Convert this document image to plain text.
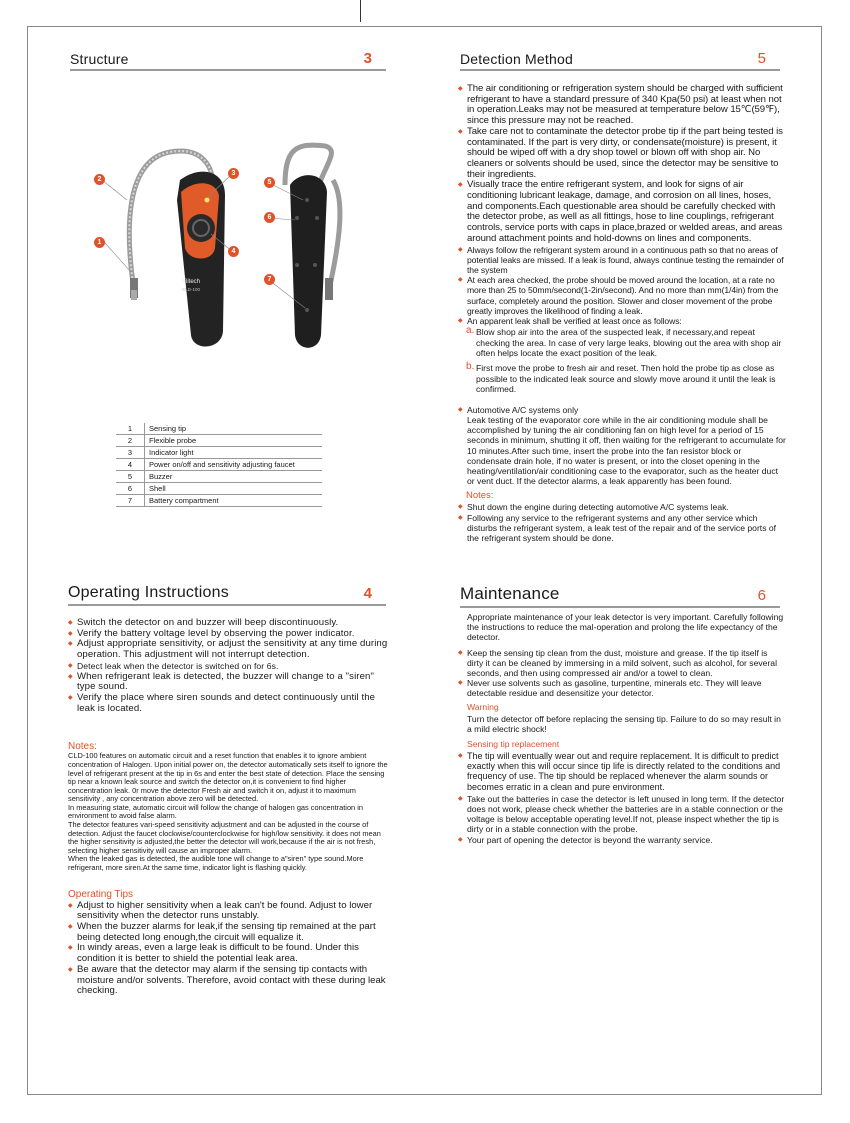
Structure	3
Elitech
CLD-100
1
2
3
4
5
6
7
1	Sensing tip
2	Flexible probe
3	Indicator light
4	Power on/off and sensitivity adjusting faucet
5	Buzzer
6	Shell
7	Battery compartment
Detection Method	5
◆ The air conditioning or refrigeration system should be charged with sufficient refrigerant to have a standard pressure of 340 Kpa(50 psi) at least when not in operation.Leaks may not be measured at temperature below 15℃(59℉), since this pressure may not be reached.
◆ Take care not to contaminate the detector probe tip if the part being tested is contaminated. If the part is very dirty, or condensate(moisture) is present, it should be wiped off with a dry shop towel or blown off with shop air. No cleaners or solvents should be used, since the detector may be sensitive to their ingredients.
◆ Visually trace the entire refrigerant system, and look for signs of air conditioning lubricant leakage, damage, and corrosion on all lines, hoses, and components.Each questionable area should be carefully checked with the detector probe, as well as all fittings, hose to line couplings, refrigerant controls, service ports with caps in place,brazed or welded areas, and areas around attachment points and hold-downs on lines and components.
◆ Always follow the refrigerant system around in a continuous path so that no areas of potential leaks are missed. If a leak is found, always continue testing the remainder of the system
◆ At each area checked, the probe should be moved around the location, at a rate no more than 25 to 50mm/second(1-2in/second). And no more than mm(1/4in) from the surface, completely around the position. Slower and closer movement of the probe greatly improves the likelihood of finding a leak.
◆ An apparent leak shall be verified at least once as follows:
a. Blow shop air into the area of the suspected leak, if necessary,and repeat checking the area. In case of very large leaks, blowing out the area with shop air often helps locate the exact position of the leak.
b. First move the probe to fresh air and reset. Then hold the probe tip as close as possible to the indicated leak source and slowly move around it until the leak is confirmed.
◆ Automotive A/C systems only
Leak testing of the evaporator core while in the air conditioning module shall be accomplished by tuning the air conditioning fan on high level for a period of 15 seconds in minimum, shutting it off, then waiting for the refrigerant to accumulate for 10 minutes.After such time, insert the probe into the fan resistor block or condensate drain hole, if no water is present, or into the closet opening in the heating/ventilation/air conditioning case to the evaporator, such as the heater duct or vent duct. If the detector alarms, a leak apparently has been found.
Notes:
◆ Shut down the engine during detecting automotive A/C systems leak.
◆ Following any service to the refrigerant systems and any other service which disturbs the refrigerant system, a leak test of the repair and of the service ports of the refrigerant system should be done.
Operating Instructions	4
◆ Switch the detector on and buzzer will beep discontinuously.
◆ Verify the battery voltage level by observing the power indicator.
◆ Adjust appropriate sensitivity, or adjust the sensitivity at any time during operation. This adjustment will not interrupt detection.
◆ Detect leak when the detector is switched on for 6s.
◆ When refrigerant leak is detected, the buzzer will change to a "siren" type sound.
◆ Verify the place where siren sounds and detect continuously until the leak is located.
Notes:

CLD-100 features on automatic circuit and a reset function that enables it to ignore ambient concentration of Halogen. Upon initial power on, the detector automatically sets itself to ignore the level of refrigerant present at the tip in 6s and enter the best state of detection. Place the sensing tip near a known leak source and switch the detector on,it is convenient to find higher concentration leak. 0r move the detector Fresh air and switch it on, adjust it to maximum sensitivity , any concentration above zero will be detected.

In measuring state, automatic circuit will follow the change of halogen gas concentration in environment to avoid false alarm.

The detector features vari-speed sensitivity adjustment and can be adjusted in the course of detection. Adjust the faucet clockwise/counterclockwise for high/low sensitivity. it does not mean the higher sensitivity is adjusted,the better the detector will work,because if the air is not fresh, selecting higher sensitivity will cause an improper alarm.

When the leaked gas is detected, the audible tone will change to a"siren" type sound.More refrigerant, more siren.At the same time, indicator light is flashing quickly.

Operating Tips
◆ Adjust to higher sensitivity when a leak can't be found. Adjust to lower sensitivity when the detector runs unstably.
◆ When the buzzer alarms for leak,if the sensing tip remained at the part being detected long enough,the circuit will equalize it.
◆ In windy areas, even a large leak is difficult to be found. Under this condition it is better to shield the potential leak area.
◆ Be aware that the detector may alarm if the sensing tip contacts with moisture and/or solvents. Therefore, avoid contact with these during leak checking.
Maintenance	6
Appropriate maintenance of your leak detector is very important. Carefully following the instructions to reduce the mal-operation and prolong the life expectancy of the detector.
◆ Keep the sensing tip clean from the dust, moisture and grease. If the tip itself is dirty it can be cleaned by immersing in a mild solvent, such as alcohol, for several seconds, and then using compressed air and/or a towel to clean.
◆ Never use solvents such as gasoline, turpentine, minerals etc. They will leave detectable residue and desensitize your detector.
Warning
Turn the detector off before replacing the sensing tip. Failure to do so may result in a mild electric shock!
Sensing tip replacement
◆ The tip will eventually wear out and require replacement. It is difficult to predict exactly when this will occur since tip life is directly related to the conditions and frequency of use. The tip should be replaced whenever the alarm sounds or becomes erratic in a clean and pure environment.
◆ Take out the batteries in case the detector is left unused in long term. If the detector does not work, please check whether the batteries are in a stable connection or the voltage is below acceptable operating level.If not, please inspect whether the tip is dirty or in a stable connection with the probe.
◆ Your part of opening the detector is beyond the warranty service.
